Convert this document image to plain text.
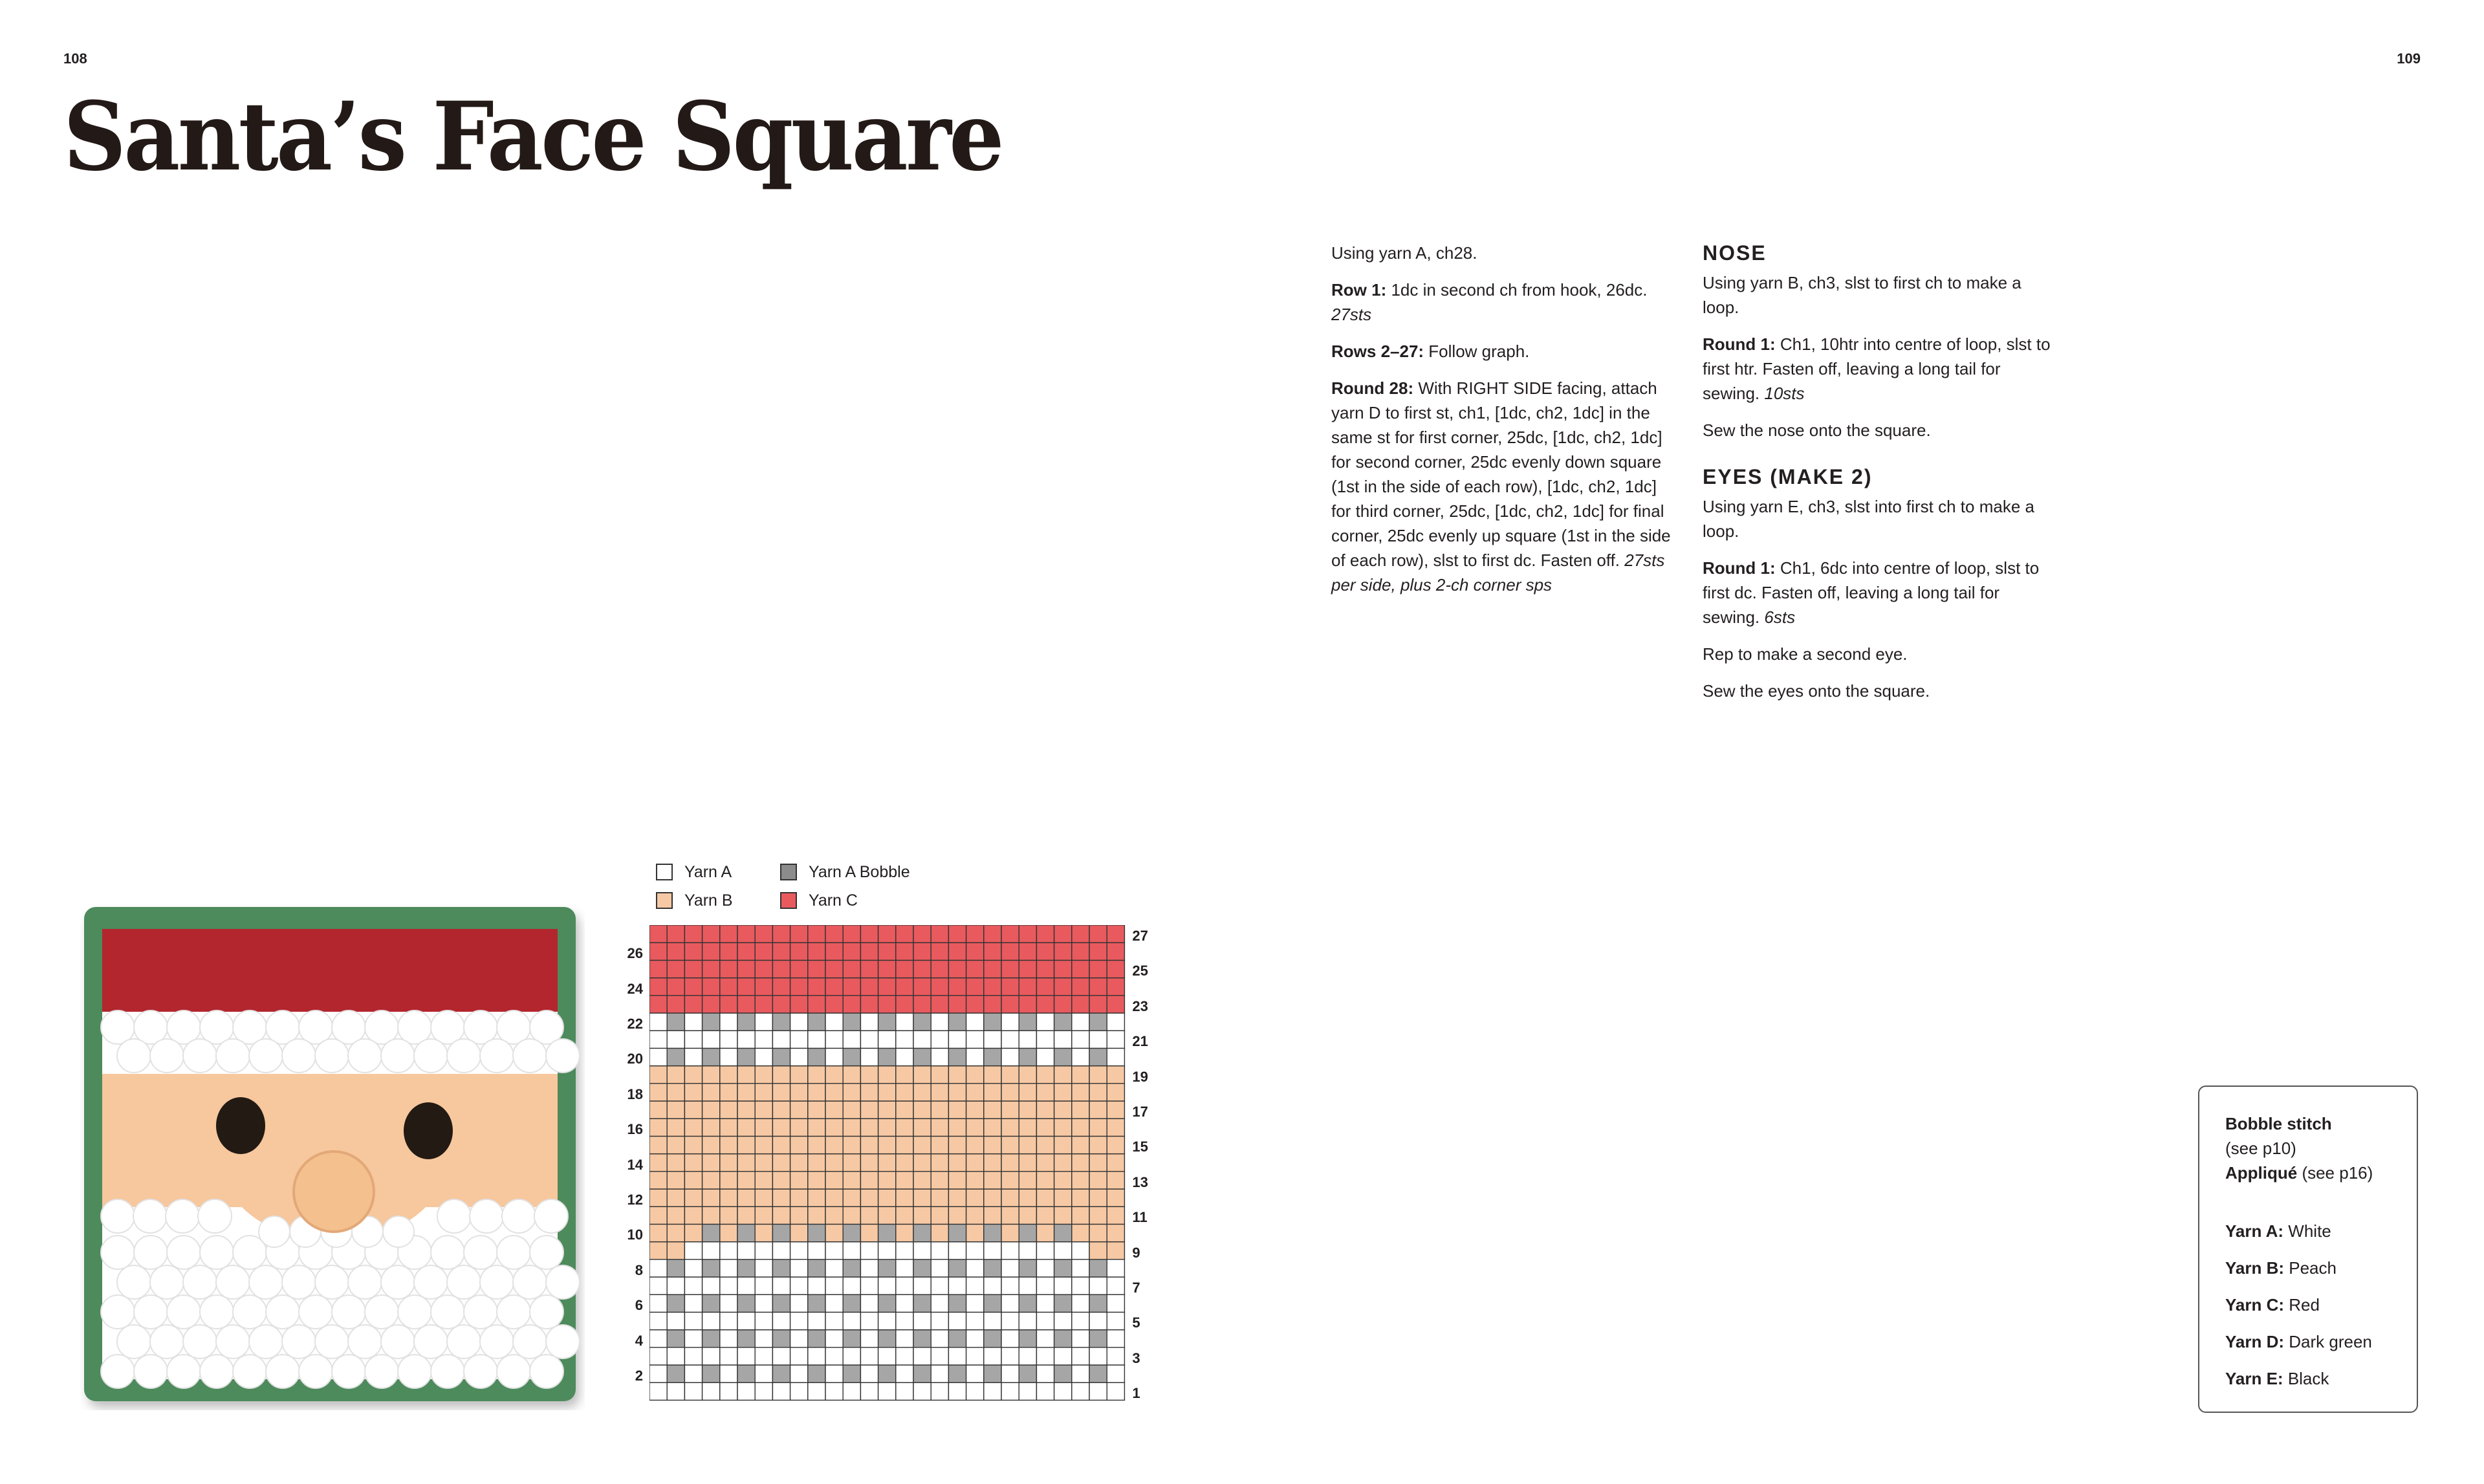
108	109
Santa’s Face Square

Using yarn A, ch28.

Row 1: 1dc in second ch from hook, 26dc. 27sts

Rows 2–27: Follow graph.

Round 28: With RIGHT SIDE facing, attach yarn D to first st, ch1, [1dc, ch2, 1dc] in the same st for first corner, 25dc, [1dc, ch2, 1dc] for second corner, 25dc evenly down square (1st in the side of each row), [1dc, ch2, 1dc] for third corner, 25dc, [1dc, ch2, 1dc] for final corner, 25dc evenly up square (1st in the side of each row), slst to first dc. Fasten off. 27sts per side, plus 2-ch corner sps

NOSE

Using yarn B, ch3, slst to first ch to make a loop.

Round 1: Ch1, 10htr into centre of loop, slst to first htr. Fasten off, leaving a long tail for sewing. 10sts

Sew the nose onto the square.

EYES (MAKE 2)

Using yarn E, ch3, slst into first ch to make a loop.

Round 1: Ch1, 6dc into centre of loop, slst to first dc. Fasten off, leaving a long tail for sewing. 6sts

Rep to make a second eye.

Sew the eyes onto the square.

Bobble stitch

(see p10)

Appliqué (see p16)

Yarn A: White

Yarn B: Peach

Yarn C: Red

Yarn D: Dark green

Yarn E: Black

Yarn A	Yarn A Bobble
Yarn B	Yarn C
26
24
22
20
18
16
14
12
10
8
6
4
2
27
25
23
21
19
17
15
13
11
9
7
5
3
1
